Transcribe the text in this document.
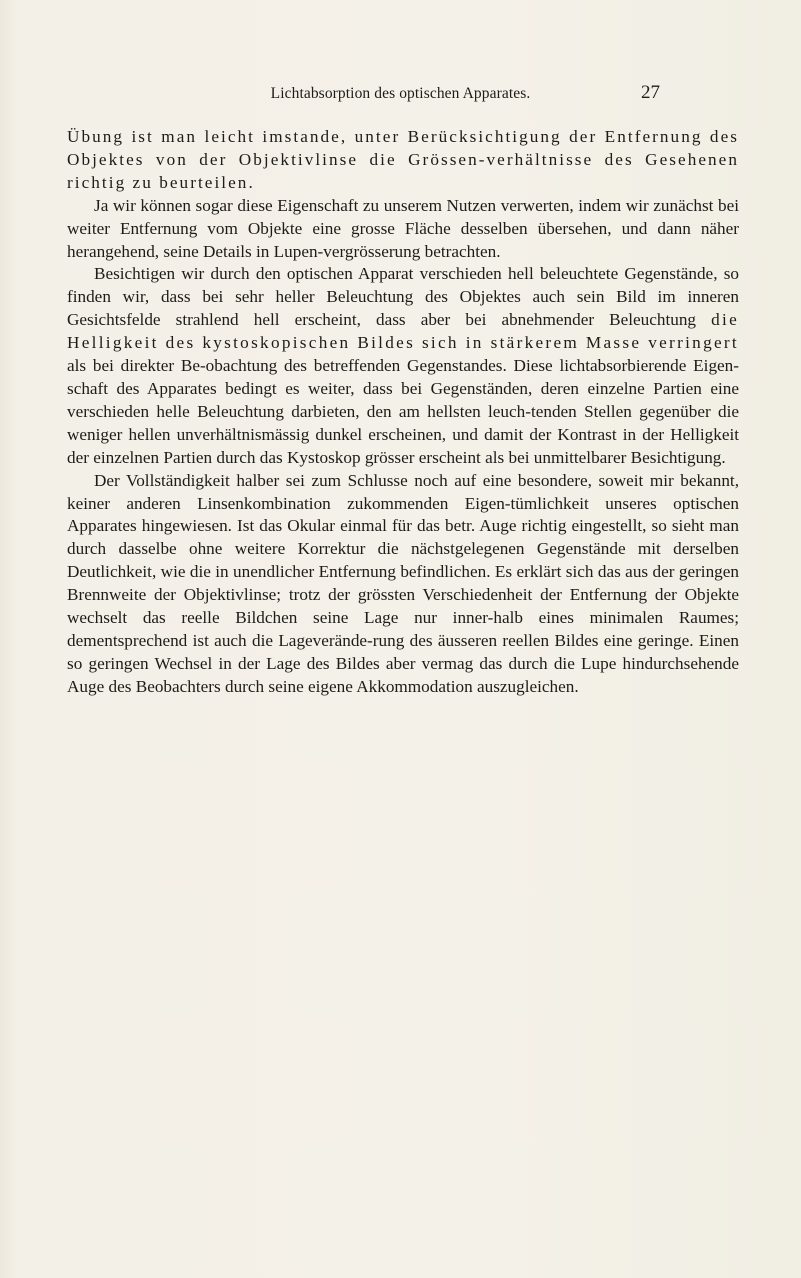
Lichtabsorption des optischen Apparates.	27

Übung ist man leicht imstande, unter Berücksichtigung der Entfernung des Objektes von der Objektivlinse die Grössen-verhältnisse des Gesehenen richtig zu beurteilen.

Ja wir können sogar diese Eigenschaft zu unserem Nutzen verwerten, indem wir zunächst bei weiter Entfernung vom Objekte eine grosse Fläche desselben übersehen, und dann näher herangehend, seine Details in Lupen-vergrösserung betrachten.

Besichtigen wir durch den optischen Apparat verschieden hell beleuchtete Gegenstände, so finden wir, dass bei sehr heller Beleuchtung des Objektes auch sein Bild im inneren Gesichtsfelde strahlend hell erscheint, dass aber bei abnehmender Beleuchtung die Helligkeit des kystoskopischen Bildes sich in stärkerem Masse verringert als bei direkter Be-obachtung des betreffenden Gegenstandes. Diese lichtabsorbierende Eigen-schaft des Apparates bedingt es weiter, dass bei Gegenständen, deren einzelne Partien eine verschieden helle Beleuchtung darbieten, den am hellsten leuch-tenden Stellen gegenüber die weniger hellen unverhältnismässig dunkel erscheinen, und damit der Kontrast in der Helligkeit der einzelnen Partien durch das Kystoskop grösser erscheint als bei unmittelbarer Besichtigung.

Der Vollständigkeit halber sei zum Schlusse noch auf eine besondere, soweit mir bekannt, keiner anderen Linsenkombination zukommenden Eigen-tümlichkeit unseres optischen Apparates hingewiesen. Ist das Okular einmal für das betr. Auge richtig eingestellt, so sieht man durch dasselbe ohne weitere Korrektur die nächstgelegenen Gegenstände mit derselben Deutlichkeit, wie die in unendlicher Entfernung befindlichen. Es erklärt sich das aus der geringen Brennweite der Objektivlinse; trotz der grössten Verschiedenheit der Entfernung der Objekte wechselt das reelle Bildchen seine Lage nur inner-halb eines minimalen Raumes; dementsprechend ist auch die Lageverände-rung des äusseren reellen Bildes eine geringe. Einen so geringen Wechsel in der Lage des Bildes aber vermag das durch die Lupe hindurchsehende Auge des Beobachters durch seine eigene Akkommodation auszugleichen.
